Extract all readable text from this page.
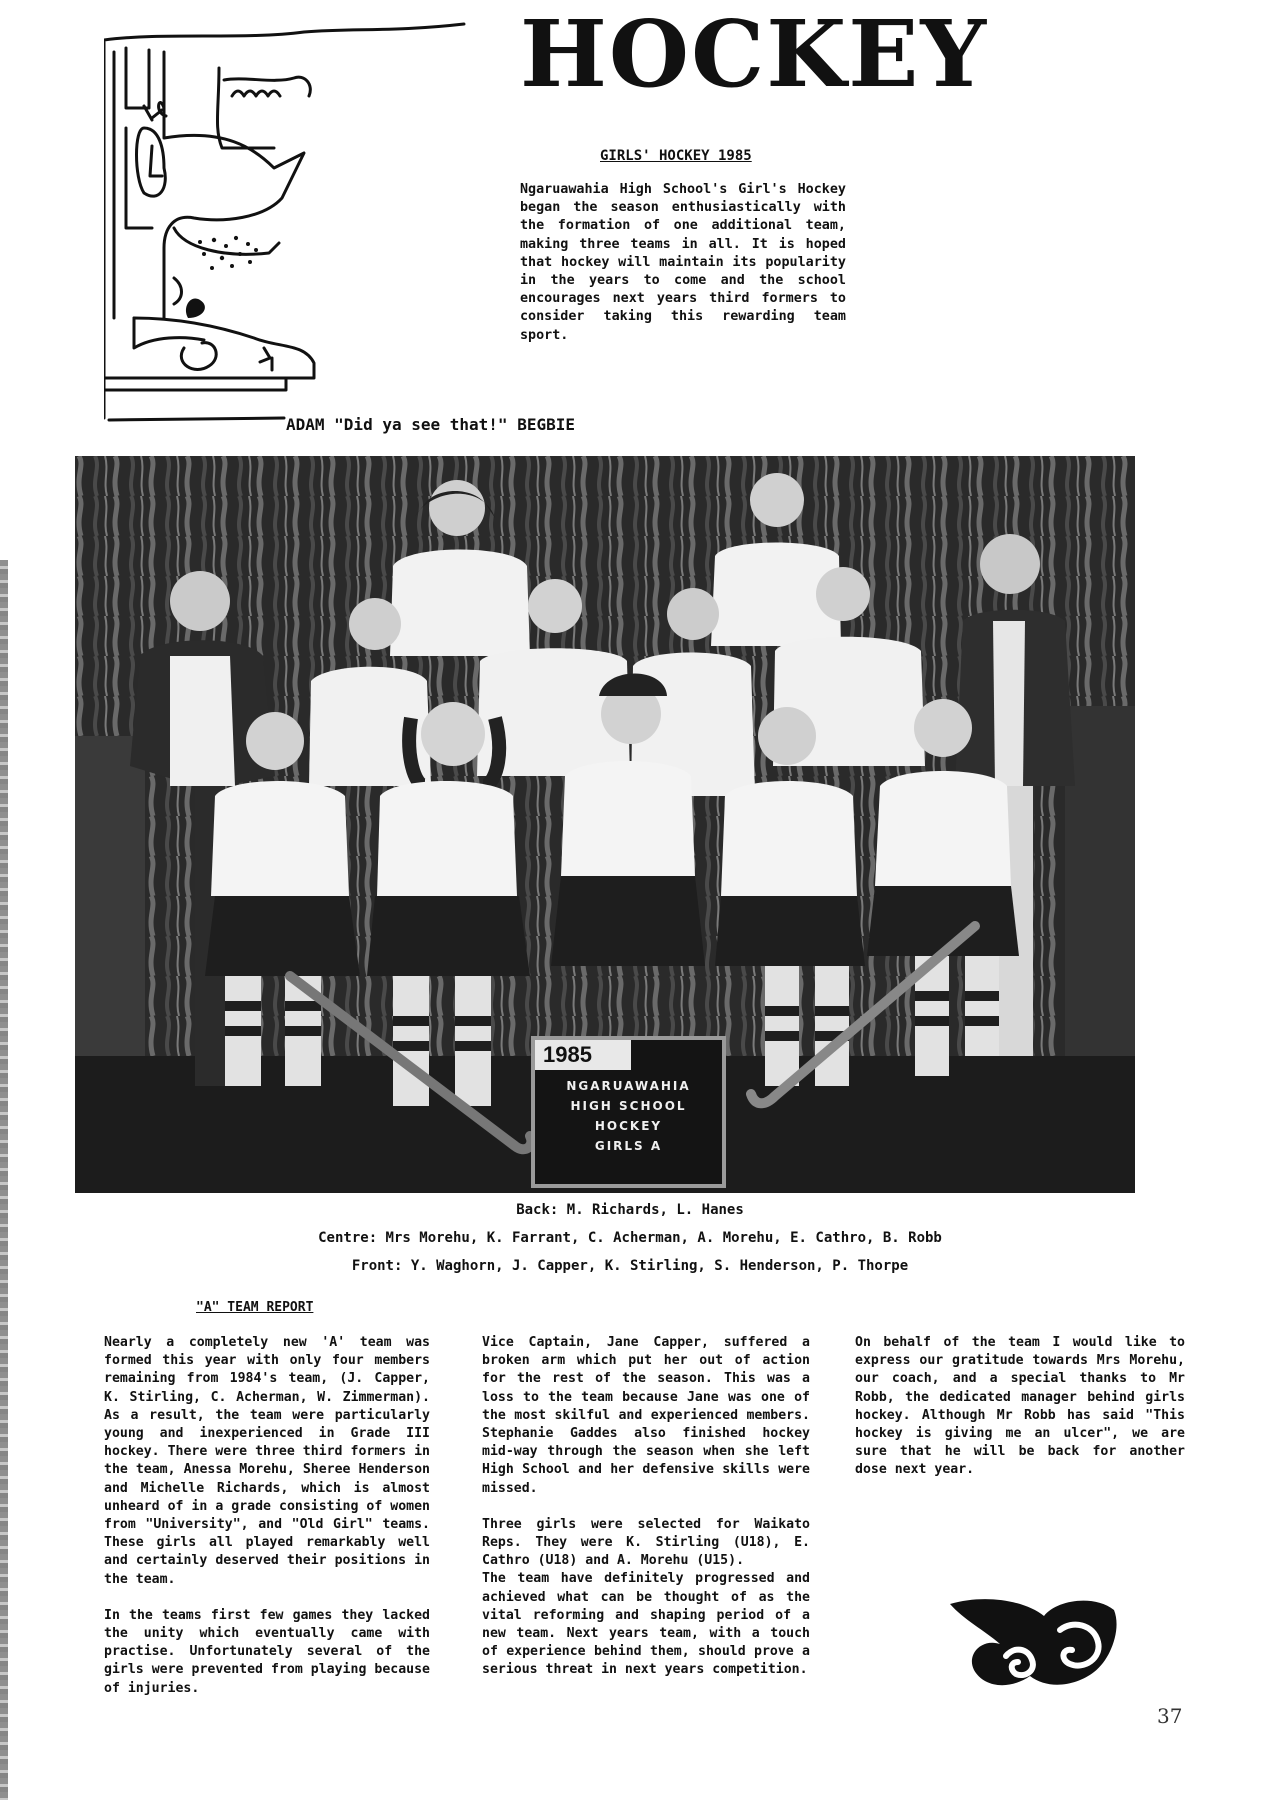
ADAM "Did ya see that!" BEGBIE
HOCKEY
GIRLS' HOCKEY 1985

Ngaruawahia High School's Girl's Hockey began the season enthusiastically with the formation of one additional team, making three teams in all. It is hoped that hockey will maintain its popularity in the years to come and the school encourages next years third formers to consider taking this rewarding team sport.

1985
NGARUAWAHIA
HIGH SCHOOL
HOCKEY
GIRLS A
Back: M. Richards, L. Hanes
Centre: Mrs Morehu, K. Farrant, C. Acherman, A. Morehu, E. Cathro, B. Robb
Front: Y. Waghorn, J. Capper, K. Stirling, S. Henderson, P. Thorpe
"A" TEAM REPORT

Nearly a completely new 'A' team was formed this year with only four members remaining from 1984's team, (J. Capper, K. Stirling, C. Acherman, W. Zimmerman). As a result, the team were particularly young and inexperienced in Grade III hockey. There were three third formers in the team, Anessa Morehu, Sheree Henderson and Michelle Richards, which is almost unheard of in a grade consisting of women from "University", and "Old Girl" teams. These girls all played remarkably well and certainly deserved their positions in the team.

In the teams first few games they lacked the unity which eventually came with practise. Unfortunately several of the girls were prevented from playing because of injuries.

Vice Captain, Jane Capper, suffered a broken arm which put her out of action for the rest of the season. This was a loss to the team because Jane was one of the most skilful and experienced members. Stephanie Gaddes also finished hockey mid-way through the season when she left High School and her defensive skills were missed.

Three girls were selected for Waikato Reps. They were K. Stirling (U18), E. Cathro (U18) and A. Morehu (U15).

The team have definitely progressed and achieved what can be thought of as the vital reforming and shaping period of a new team. Next years team, with a touch of experience behind them, should prove a serious threat in next years competition.

On behalf of the team I would like to express our gratitude towards Mrs Morehu, our coach, and a special thanks to Mr Robb, the dedicated manager behind girls hockey. Although Mr Robb has said "This hockey is giving me an ulcer", we are sure that he will be back for another dose next year.

37
